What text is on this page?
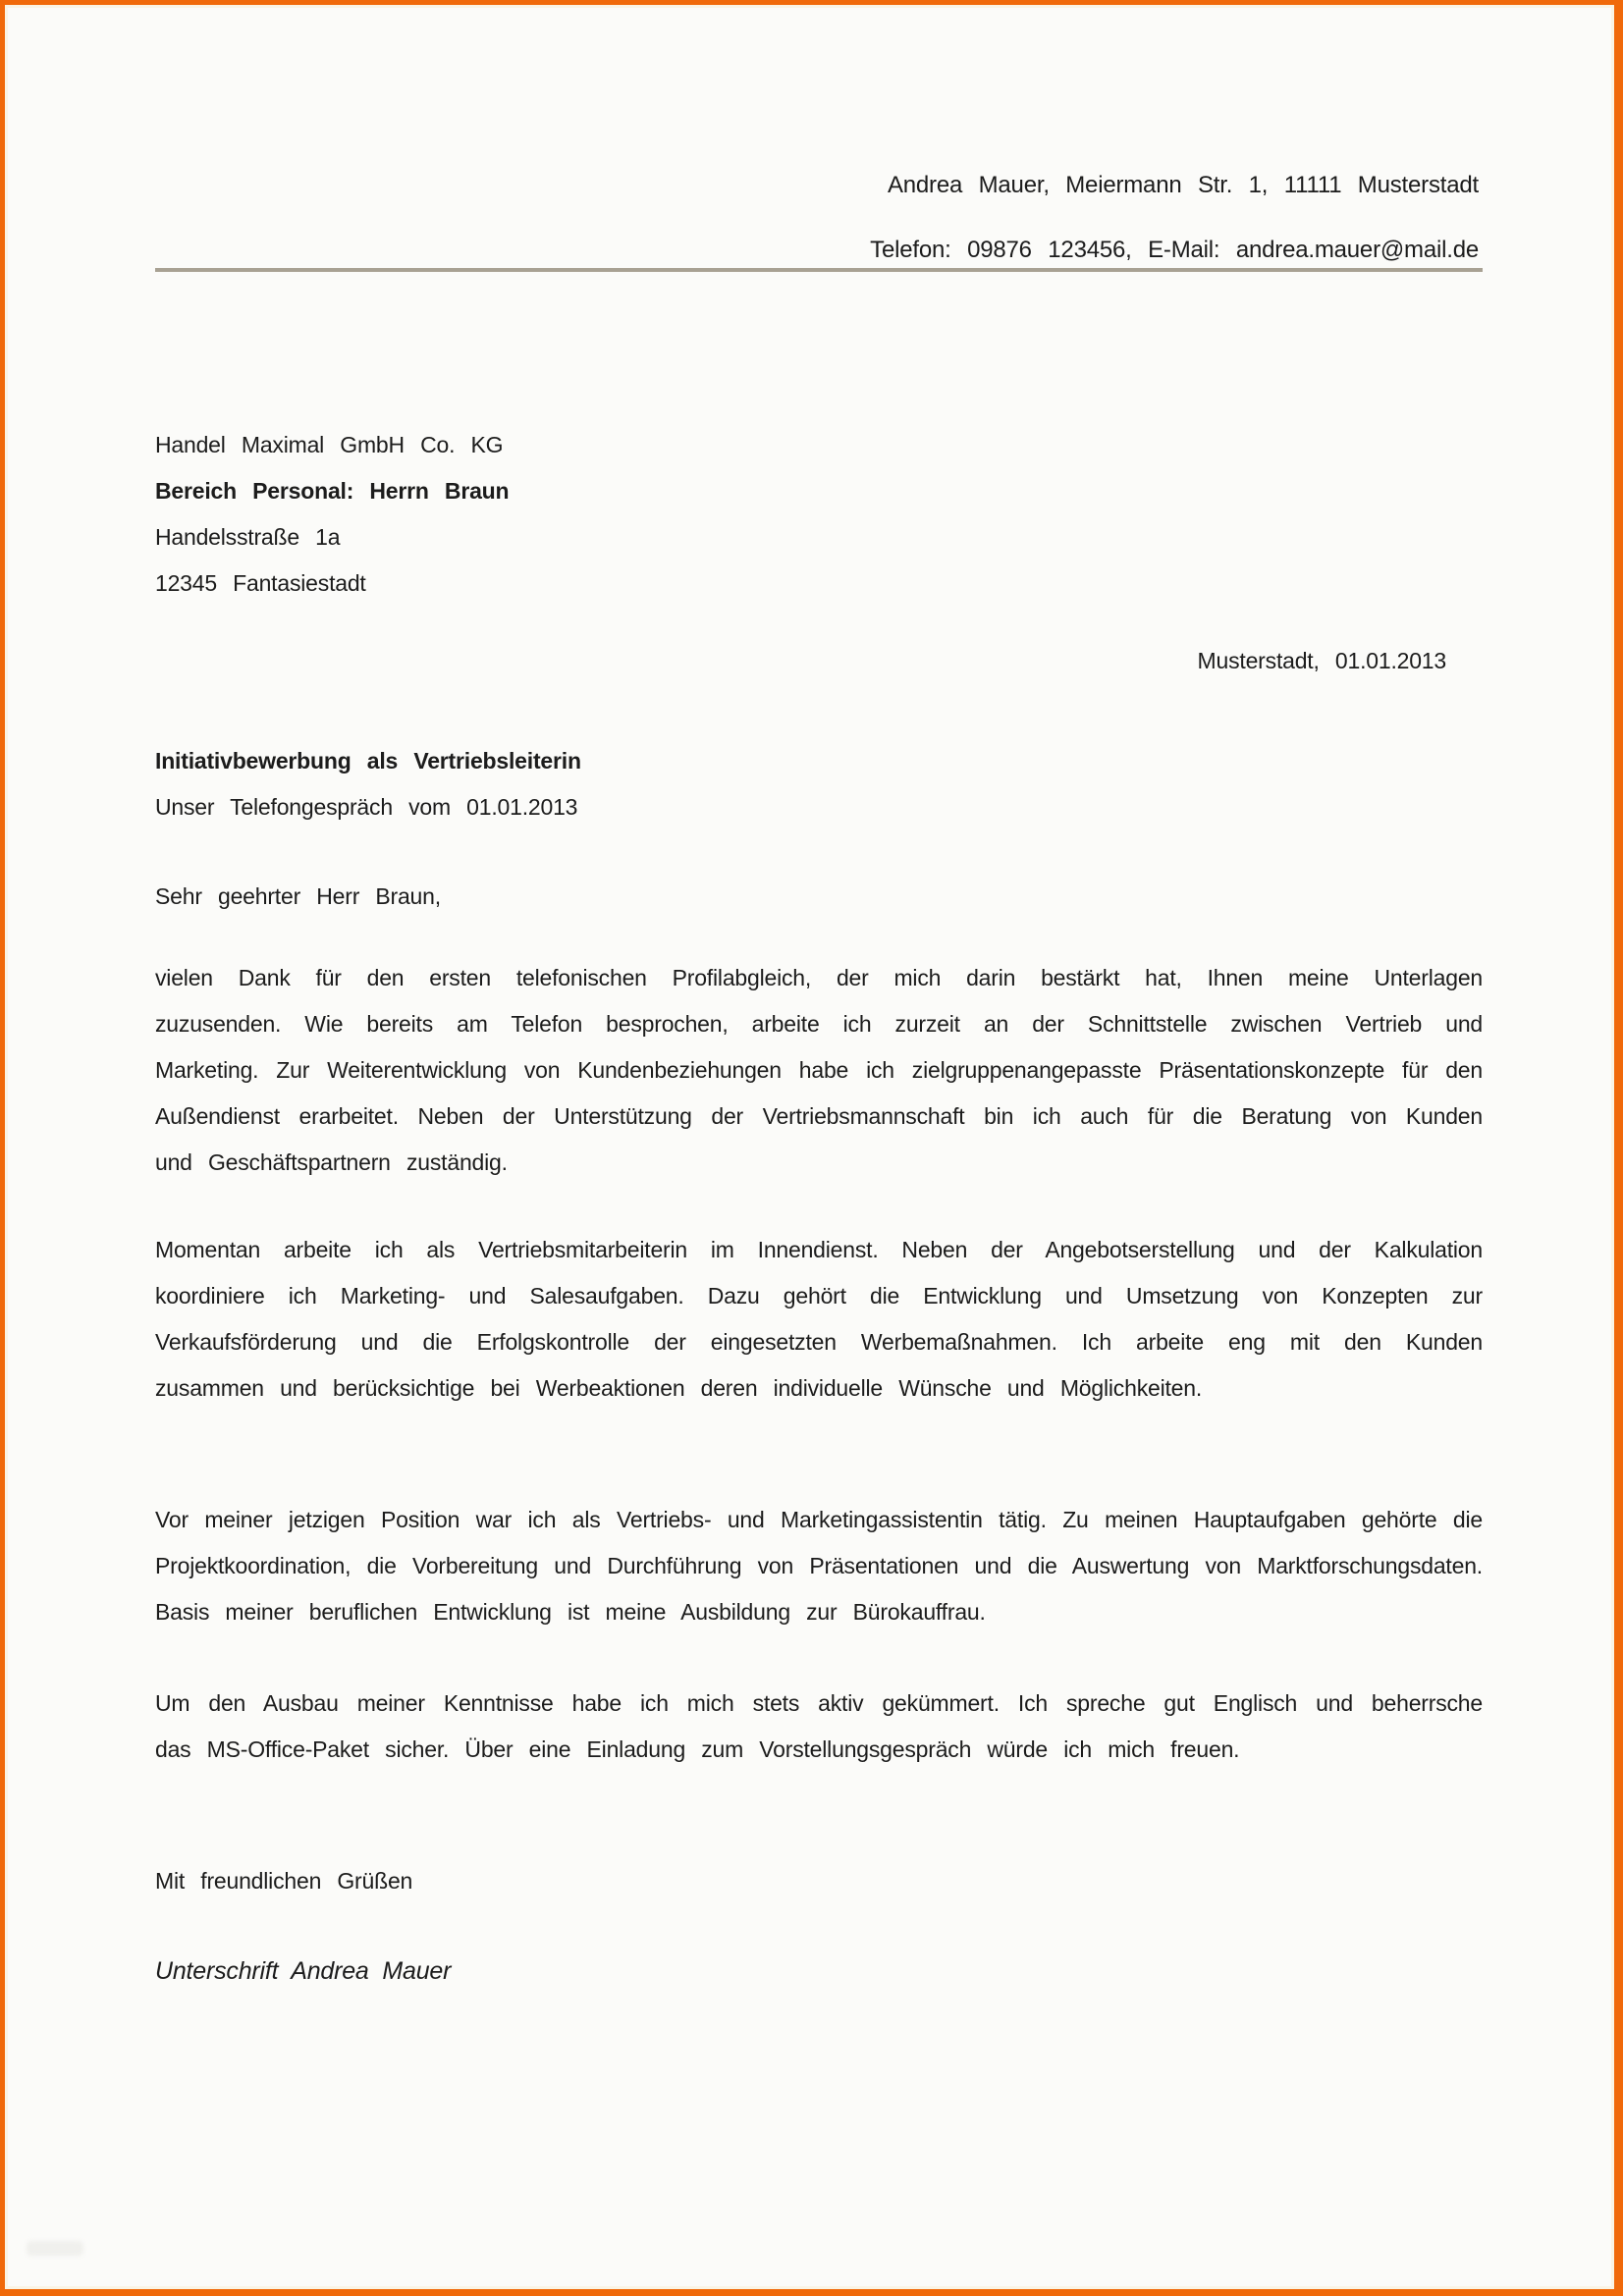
Andrea Mauer, Meiermann Str. 1, 11111 Musterstadt

Telefon: 09876 123456, E-Mail: andrea.mauer@mail.de

Handel Maximal GmbH Co. KG
Bereich Personal: Herrn Braun
Handelsstraße 1a
12345 Fantasiestadt

Musterstadt, 01.01.2013

Initiativbewerbung als Vertriebsleiterin
Unser Telefongespräch vom 01.01.2013

Sehr geehrter Herr Braun,

vielen Dank für den ersten telefonischen Profilabgleich, der mich darin bestärkt hat, Ihnen meine Unterlagen zuzusenden. Wie bereits am Telefon besprochen, arbeite ich zurzeit an der Schnittstelle zwischen Vertrieb und Marketing. Zur Weiterentwicklung von Kundenbeziehungen habe ich zielgruppenangepasste Präsentationskonzepte für den Außendienst erarbeitet. Neben der Unterstützung der Vertriebsmannschaft bin ich auch für die Beratung von Kunden und Geschäftspartnern zuständig.

Momentan arbeite ich als Vertriebsmitarbeiterin im Innendienst. Neben der Angebotserstellung und der Kalkulation koordiniere ich Marketing- und Salesaufgaben. Dazu gehört die Entwicklung und Umsetzung von Konzepten zur Verkaufsförderung und die Erfolgskontrolle der eingesetzten Werbemaßnahmen. Ich arbeite eng mit den Kunden zusammen und berücksichtige bei Werbeaktionen deren individuelle Wünsche und Möglichkeiten.

Vor meiner jetzigen Position war ich als Vertriebs- und Marketingassistentin tätig. Zu meinen Hauptaufgaben gehörte die Projektkoordination, die Vorbereitung und Durchführung von Präsentationen und die Auswertung von Marktforschungsdaten. Basis meiner beruflichen Entwicklung ist meine Ausbildung zur Bürokauffrau.

Um den Ausbau meiner Kenntnisse habe ich mich stets aktiv gekümmert. Ich spreche gut Englisch und beherrsche das MS-Office-Paket sicher. Über eine Einladung zum Vorstellungsgespräch würde ich mich freuen.

Mit freundlichen Grüßen

Unterschrift Andrea Mauer
